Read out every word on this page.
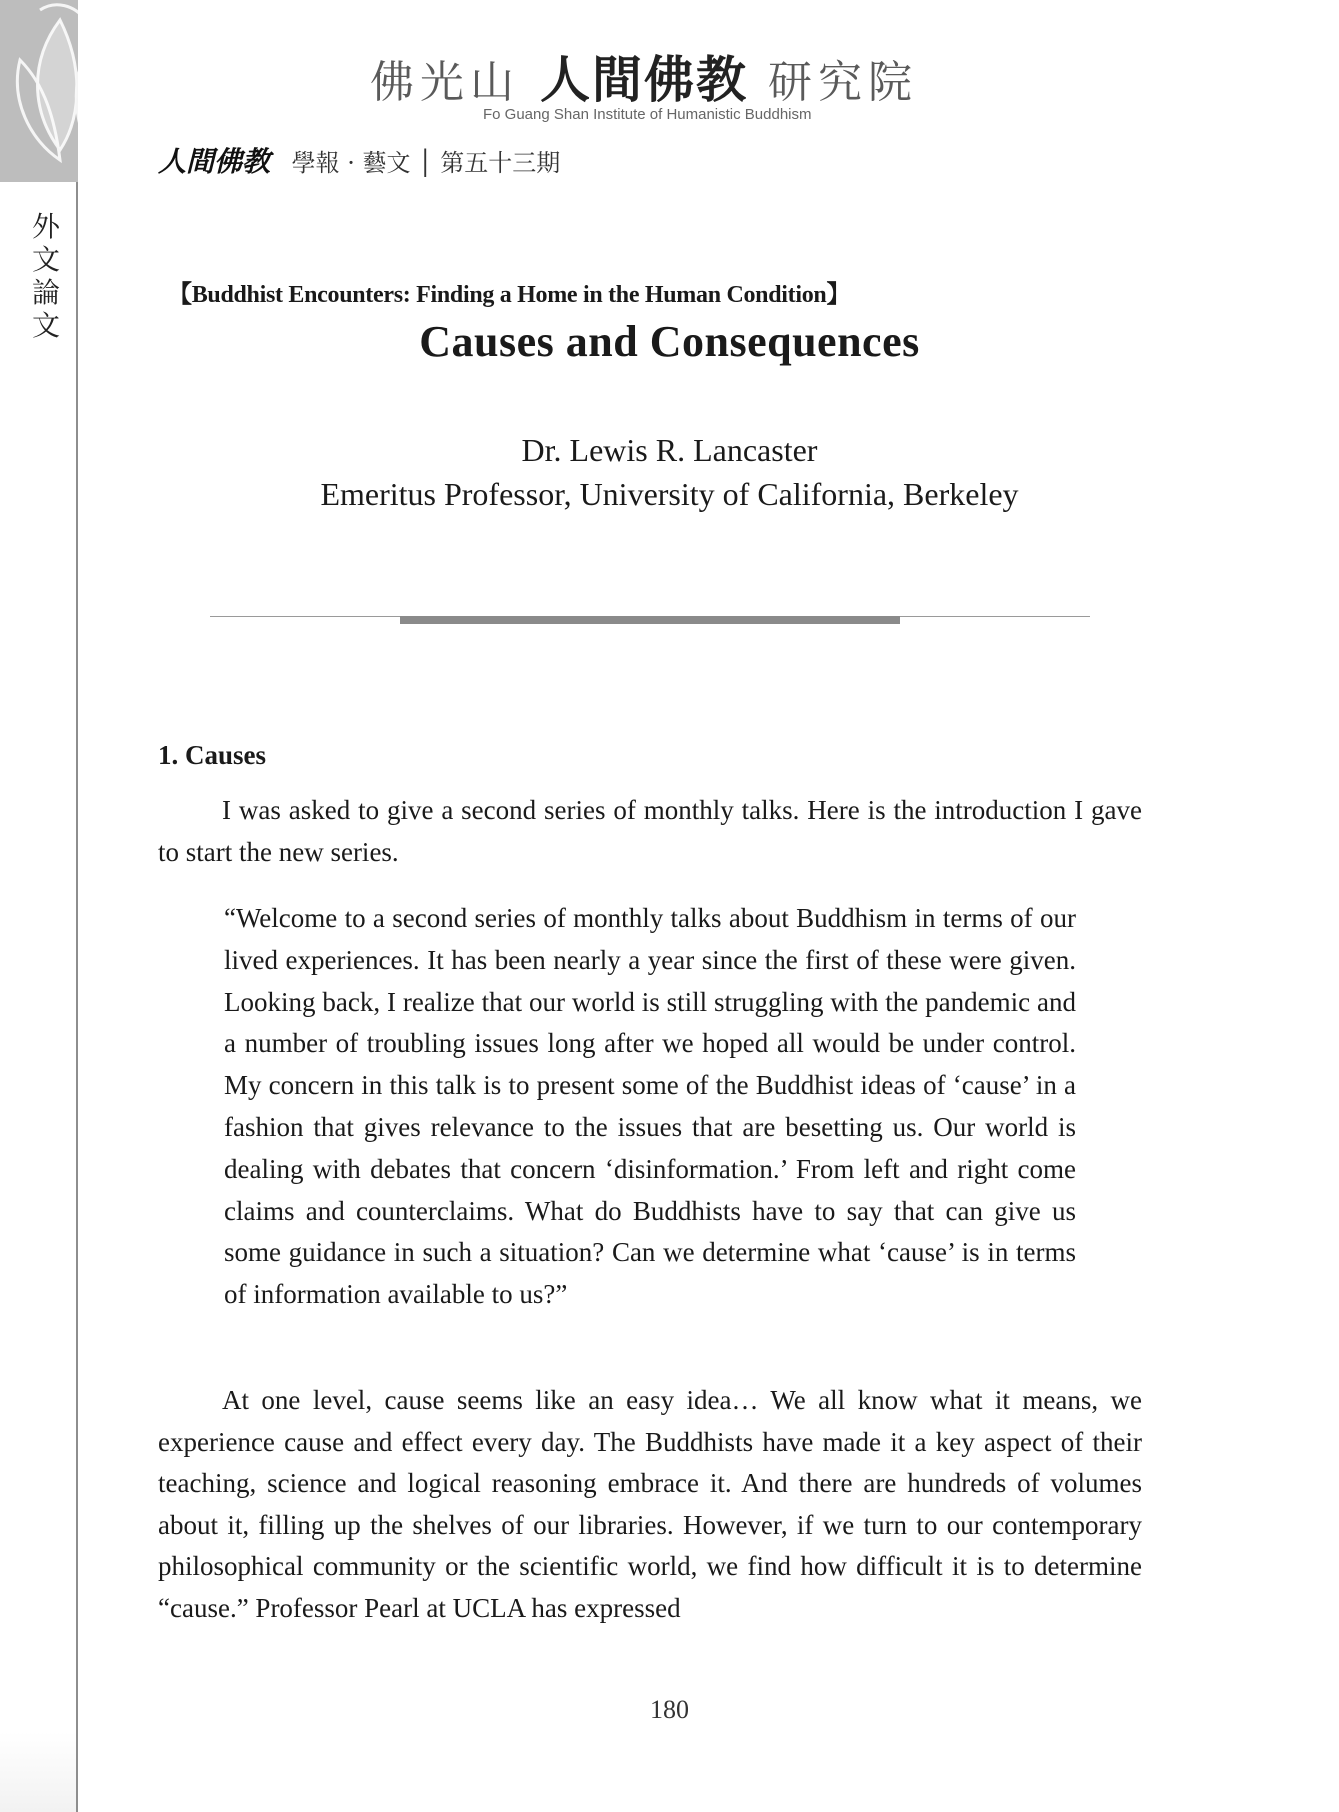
外
文
論
文
佛光山 人間佛教 研究院
Fo Guang Shan Institute of Humanistic Buddhism
人間佛教 學報 · 藝文 │ 第五十三期
【Buddhist Encounters: Finding a Home in the Human Condition】
Causes and Consequences
Dr. Lewis R. Lancaster
Emeritus Professor, University of California, Berkeley
1. Causes
I was asked to give a second series of monthly talks. Here is the introduction I gave to start the new series.
“Welcome to a second series of monthly talks about Buddhism in terms of our lived experiences. It has been nearly a year since the first of these were given. Looking back, I realize that our world is still struggling with the pandemic and a number of troubling issues long after we hoped all would be under control. My concern in this talk is to present some of the Buddhist ideas of ‘cause’ in a fashion that gives relevance to the issues that are besetting us. Our world is dealing with debates that concern ‘disinformation.’ From left and right come claims and counterclaims. What do Buddhists have to say that can give us some guidance in such a situation? Can we determine what ‘cause’ is in terms of information available to us?”
At one level, cause seems like an easy idea… We all know what it means, we experience cause and effect every day. The Buddhists have made it a key aspect of their teaching, science and logical reasoning embrace it. And there are hundreds of volumes about it, filling up the shelves of our libraries. However, if we turn to our contemporary philosophical community or the scientific world, we find how difficult it is to determine “cause.” Professor Pearl at UCLA has expressed
180
